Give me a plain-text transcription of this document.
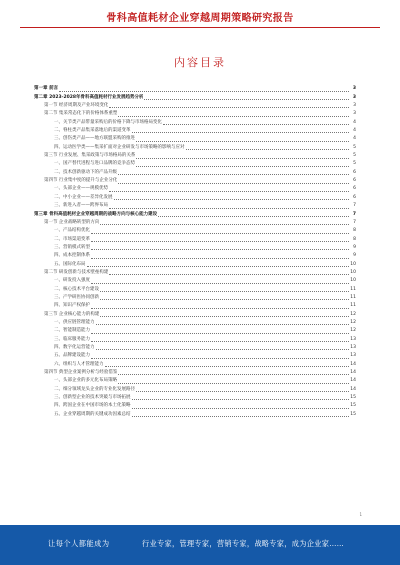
骨科高值耗材企业穿越周期策略研究报告
内容目录
第一章 前言	3
第二章 2023-2028年骨科高值耗材行业发展趋势分析	3
第一节 经济周期及产业环境变化	3
第二节 集采常态化下的价格体系重塑	3
一、关节类产品带量采购后的价格下降与市场格局变化	4
二、脊柱类产品集采落地后的渠道变革	4
三、创伤类产品——地方联盟采购的推进	4
四、运动医学类——集采扩面对企业研发与市场策略的影响与应对	5
第三节 行业发展、集采政策与市场格局的关系	5
一、国产替代进程与进口品牌的竞争态势	5
二、技术创新驱动下的产品升级	6
第四节 行业集中度的提升与企业分化	6
一、头部企业——规模优势	6
二、中小企业——差异化发展	6
三、新进入者——跨界布局	7
第三章 骨科高值耗材企业穿越周期的战略方向与核心能力建设	7
第一节 企业战略转型的方向	7
一、产品结构优化	8
二、市场渠道变革	8
三、营销模式转型	9
四、成本控制体系	9
五、国际化布局	10
第二节 研发创新与技术壁垒构建	10
一、研发投入强度	10
二、核心技术平台建设	11
三、产学研医协同创新	11
四、知识产权保护	11
第三节 企业核心能力的构建	12
一、供应链管理能力	12
二、智能制造能力	12
三、临床服务能力	13
四、数字化运营能力	13
五、品牌建设能力	13
六、组织与人才管理能力	14
第四节 典型企业案例分析与经验借鉴	14
一、头部企业的多元化布局策略	14
二、细分领域龙头企业的专业化发展路径	14
三、创新型企业的技术突破与市场拓展	15
四、跨国企业在中国市场的本土化策略	15
五、企业穿越周期的关键成功因素总结	15
1
让每个人都能成为	行业专家，管理专家，营销专家，战略专家，成为企业家……
